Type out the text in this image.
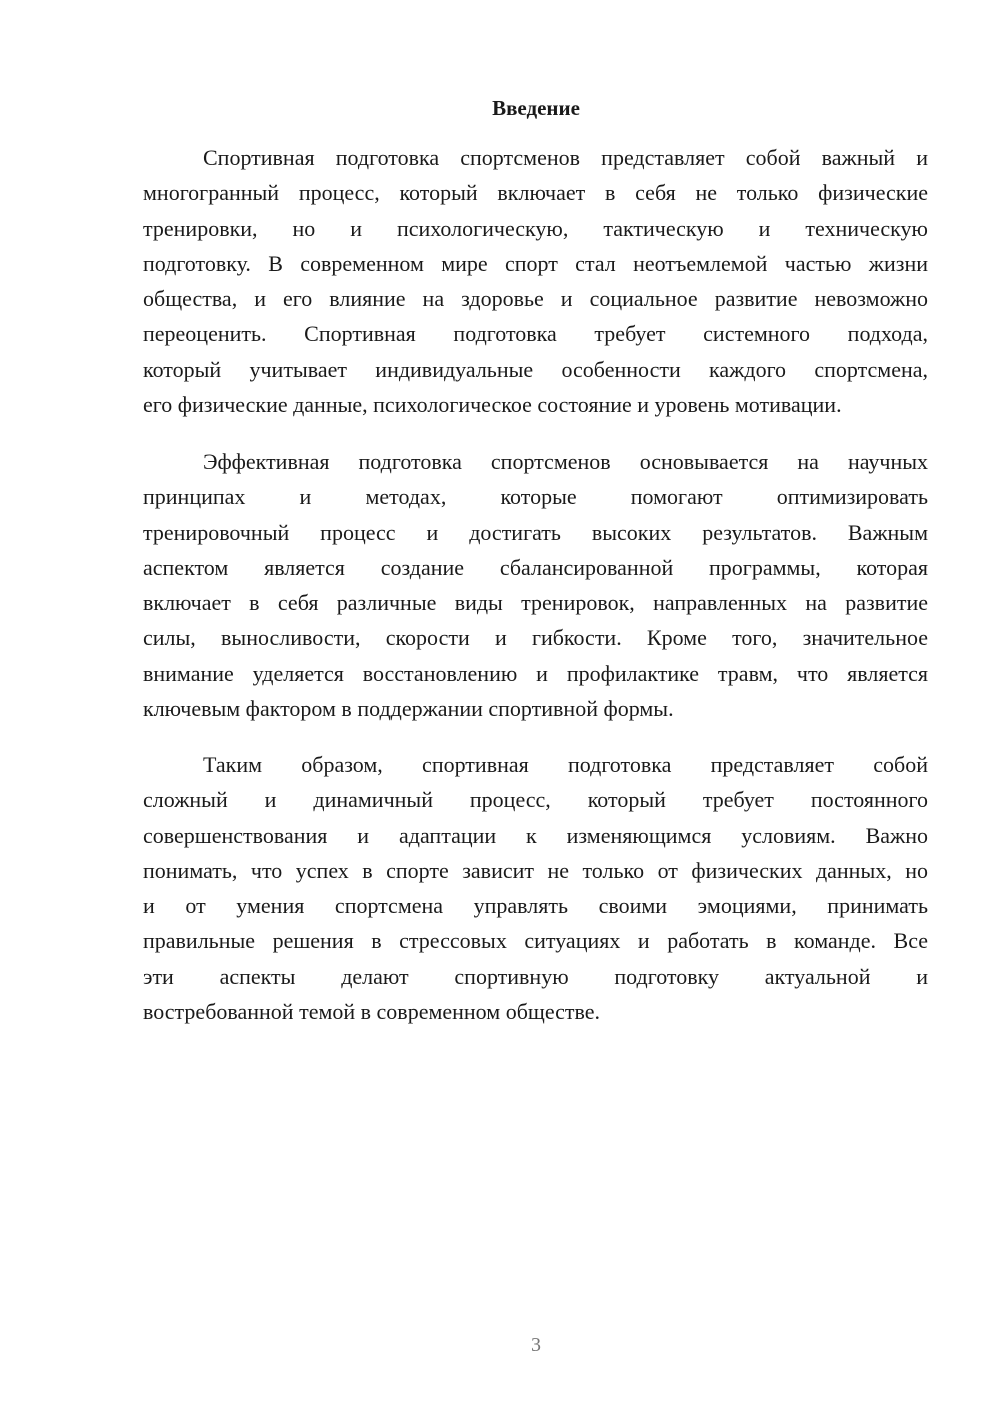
Введение
Спортивная подготовка спортсменов представляет собой важный и
многогранный процесс, который включает в себя не только физические
тренировки, но и психологическую, тактическую и техническую
подготовку. В современном мире спорт стал неотъемлемой частью жизни
общества, и его влияние на здоровье и социальное развитие невозможно
переоценить. Спортивная подготовка требует системного подхода,
который учитывает индивидуальные особенности каждого спортсмена,
его физические данные, психологическое состояние и уровень мотивации.
Эффективная подготовка спортсменов основывается на научных
принципах и методах, которые помогают оптимизировать
тренировочный процесс и достигать высоких результатов. Важным
аспектом является создание сбалансированной программы, которая
включает в себя различные виды тренировок, направленных на развитие
силы, выносливости, скорости и гибкости. Кроме того, значительное
внимание уделяется восстановлению и профилактике травм, что является
ключевым фактором в поддержании спортивной формы.
Таким образом, спортивная подготовка представляет собой
сложный и динамичный процесс, который требует постоянного
совершенствования и адаптации к изменяющимся условиям. Важно
понимать, что успех в спорте зависит не только от физических данных, но
и от умения спортсмена управлять своими эмоциями, принимать
правильные решения в стрессовых ситуациях и работать в команде. Все
эти аспекты делают спортивную подготовку актуальной и
востребованной темой в современном обществе.
3
